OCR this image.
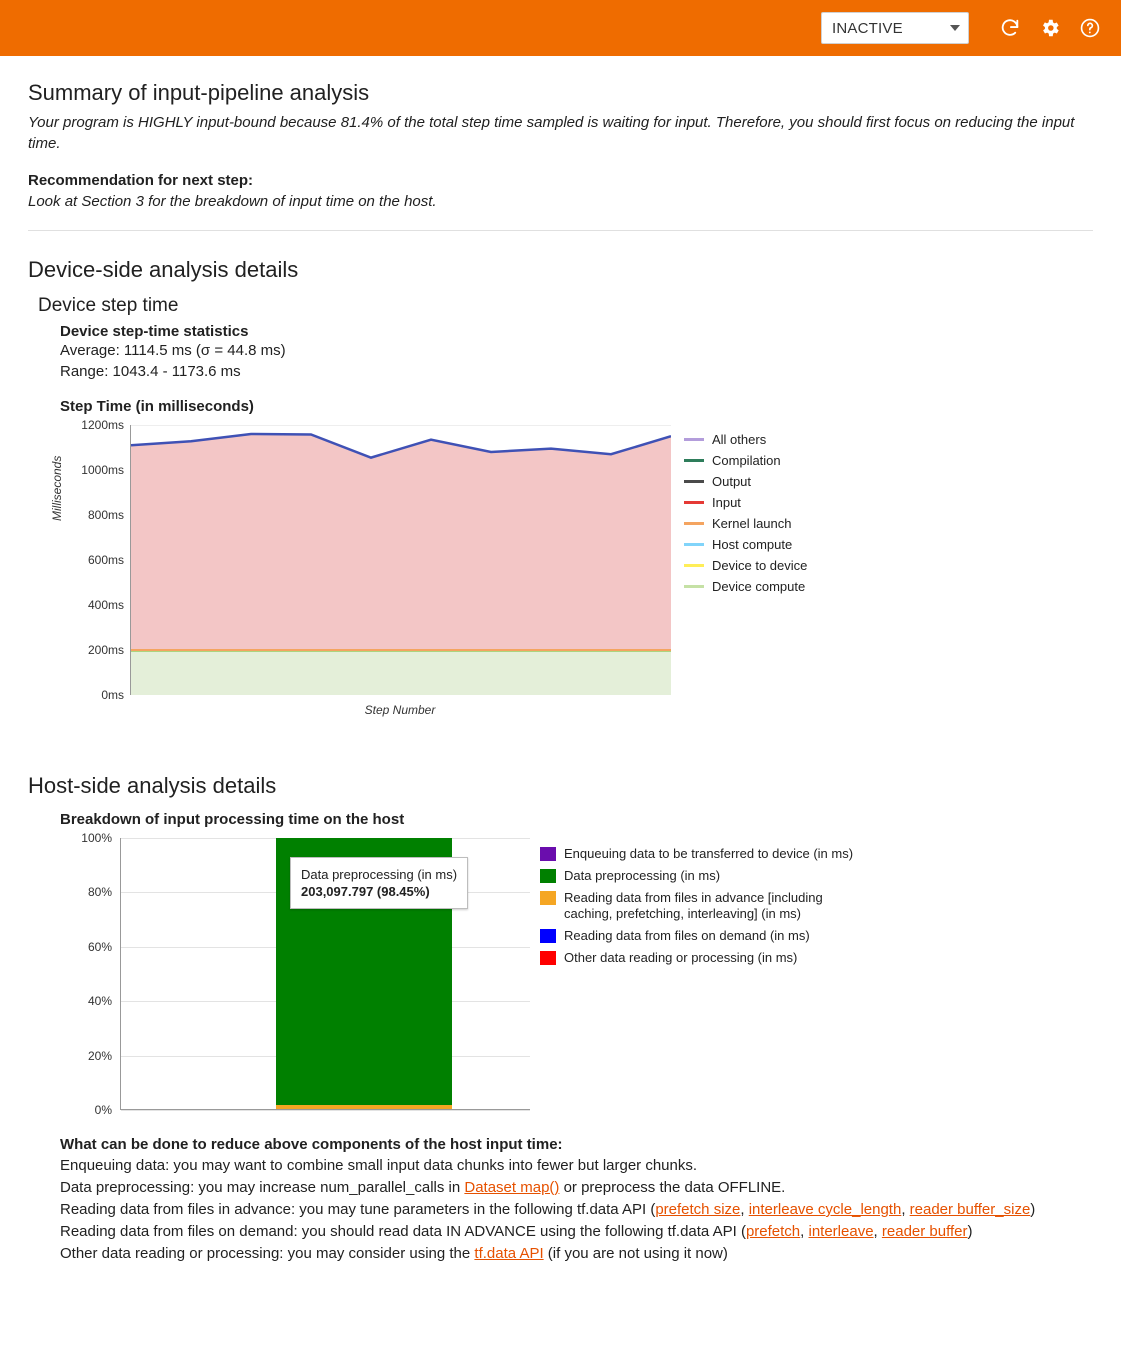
INACTIVE
Summary of input-pipeline analysis

Your program is HIGHLY input-bound because 81.4% of the total step time sampled is waiting for input. Therefore, you should first focus on reducing the input time.

Recommendation for next step:

Look at Section 3 for the breakdown of input time on the host.

Device-side analysis details
Device step time
Device step-time statistics
Average: 1114.5 ms (σ = 44.8 ms)
Range: 1043.4 - 1173.6 ms
Step Time (in milliseconds)
Milliseconds
0ms
200ms
400ms
600ms
800ms
1000ms
1200ms
Step Number
All others
Compilation
Output
Input
Kernel launch
Host compute
Device to device
Device compute
Host-side analysis details
Breakdown of input processing time on the host
0%
20%
40%
60%
80%
100%
Data preprocessing (in ms)
203,097.797 (98.45%)
Enqueuing data to be transferred to device (in ms)
Data preprocessing (in ms)
Reading data from files in advance [including caching, prefetching, interleaving] (in ms)
Reading data from files on demand (in ms)
Other data reading or processing (in ms)
What can be done to reduce above components of the host input time:
Enqueuing data: you may want to combine small input data chunks into fewer but larger chunks.
Data preprocessing: you may increase num_parallel_calls in Dataset map() or preprocess the data OFFLINE.
Reading data from files in advance: you may tune parameters in the following tf.data API (prefetch size, interleave cycle_length, reader buffer_size)
Reading data from files on demand: you should read data IN ADVANCE using the following tf.data API (prefetch, interleave, reader buffer)
Other data reading or processing: you may consider using the tf.data API (if you are not using it now)
